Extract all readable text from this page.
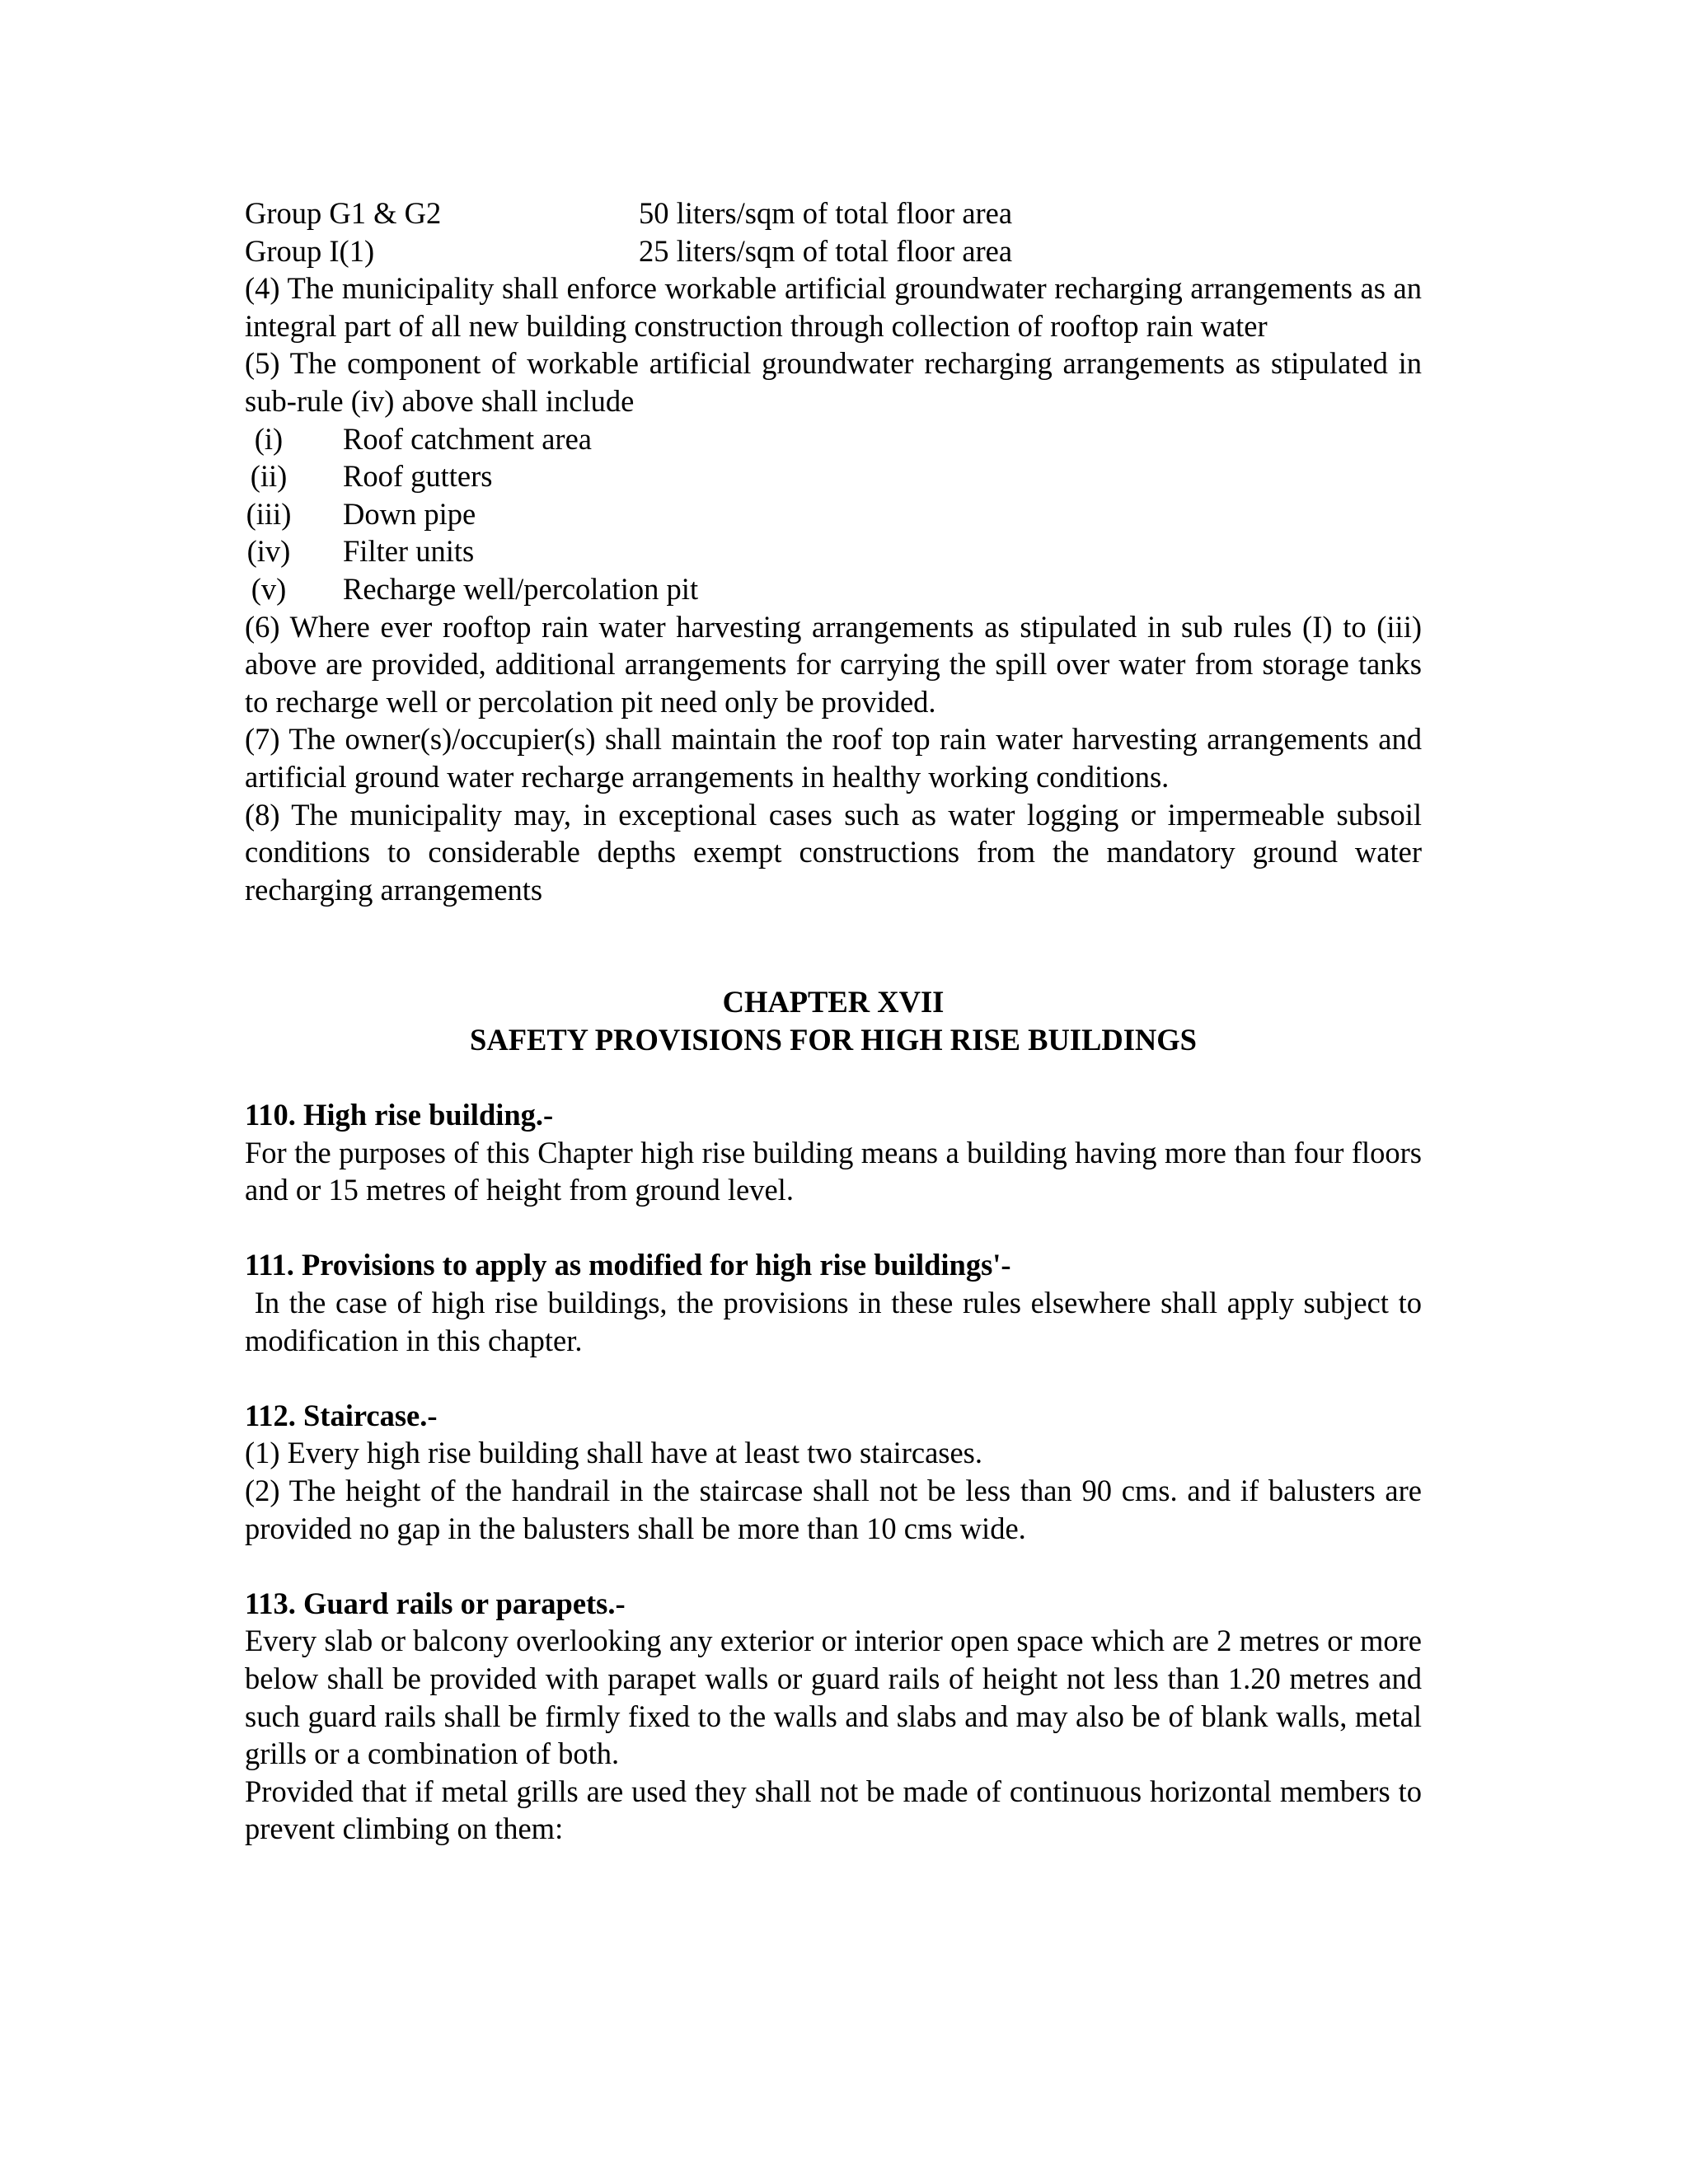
Group G1 & G2	50 liters/sqm of total floor area
Group I(1)	25 liters/sqm of total floor area

(4) The municipality shall enforce workable artificial groundwater recharging arrangements as an integral part of all new building construction through collection of rooftop rain water

(5) The component of workable artificial groundwater recharging arrangements as stipulated in sub-rule (iv) above shall include

(i)	Roof catchment area
(ii) Roof gutters
(iii) Down pipe
(iv) Filter units
(v) Recharge well/percolation pit

(6) Where ever rooftop rain water harvesting arrangements as stipulated in sub rules (I) to (iii) above are provided, additional arrangements for carrying the spill over water from storage tanks to recharge well or percolation pit need only be provided.

(7) The owner(s)/occupier(s) shall maintain the roof top rain water harvesting arrangements and artificial ground water recharge arrangements in healthy working conditions.

(8) The municipality may, in exceptional cases such as water logging or impermeable subsoil conditions to considerable depths exempt constructions from the mandatory ground water recharging arrangements

CHAPTER XVII
SAFETY PROVISIONS FOR HIGH RISE BUILDINGS
110. High rise building.-

For the purposes of this Chapter high rise building means a building having more than four floors and or 15 metres of height from ground level.

111. Provisions to apply as modified for high rise buildings'-

In the case of high rise buildings, the provisions in these rules elsewhere shall apply subject to modification in this chapter.

112. Staircase.-

(1) Every high rise building shall have at least two staircases.

(2) The height of the handrail in the staircase shall not be less than 90 cms. and if balusters are provided no gap in the balusters shall be more than 10 cms wide.

113. Guard rails or parapets.-

Every slab or balcony overlooking any exterior or interior open space which are 2 metres or more below shall be provided with parapet walls or guard rails of height not less than 1.20 metres and such guard rails shall be firmly fixed to the walls and slabs and may also be of blank walls, metal grills or a combination of both.

Provided that if metal grills are used they shall not be made of continuous horizontal members to prevent climbing on them:
